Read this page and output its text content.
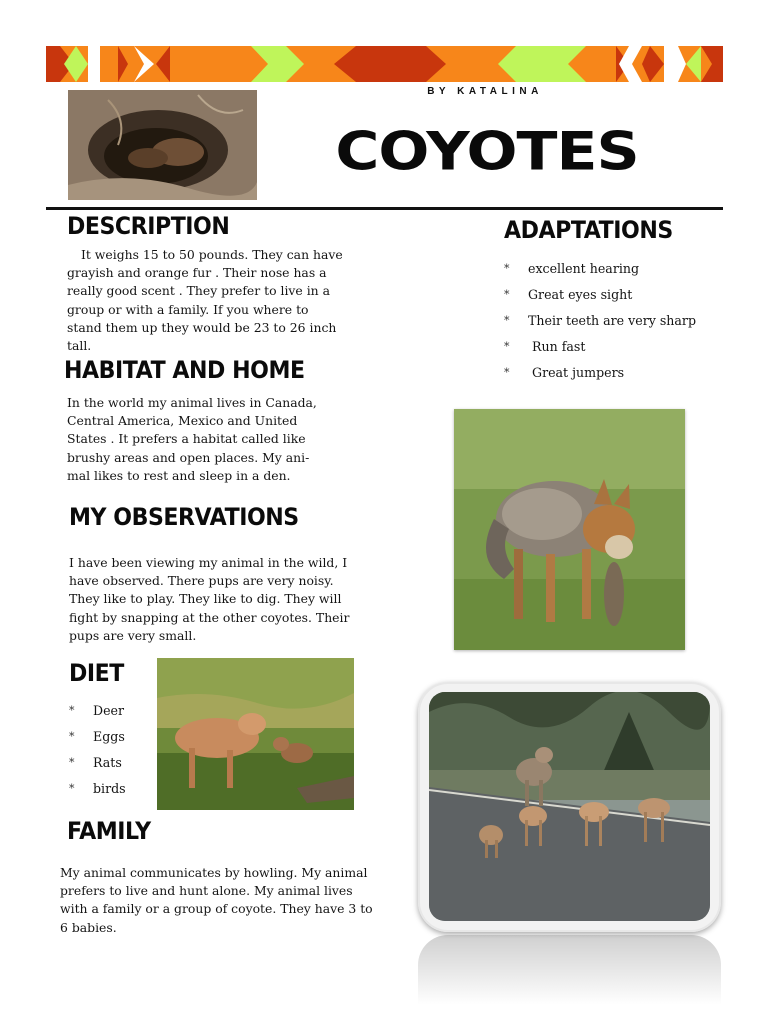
BY KATALINA
COYOTES
DESCRIPTION
It weighs 15 to 50 pounds. They can have
grayish and orange fur . Their nose has a
really good scent . They prefer to live in a
group or with a family. If you where to
stand them up they would be 23 to 26 inch
tall.
HABITAT AND HOME
In the world my animal lives in Canada,
Central America, Mexico and United
States . It prefers a habitat called like
brushy areas and open places. My ani-
mal likes to rest and sleep in a den.
MY OBSERVATIONS
I have been viewing my animal in the wild, I
have observed. There pups are very noisy.
They like to play. They like to dig. They will
fight by snapping at the other coyotes. Their
pups are very small.
DIET
* Deer
* Eggs
* Rats
* birds
FAMILY
My animal communicates by howling. My animal
prefers to live and hunt alone. My animal lives
with a family or a group of coyote. They have 3 to
6 babies.
ADAPTATIONS
* excellent hearing
* Great eyes sight
* Their teeth are very sharp
* Run fast
* Great jumpers
